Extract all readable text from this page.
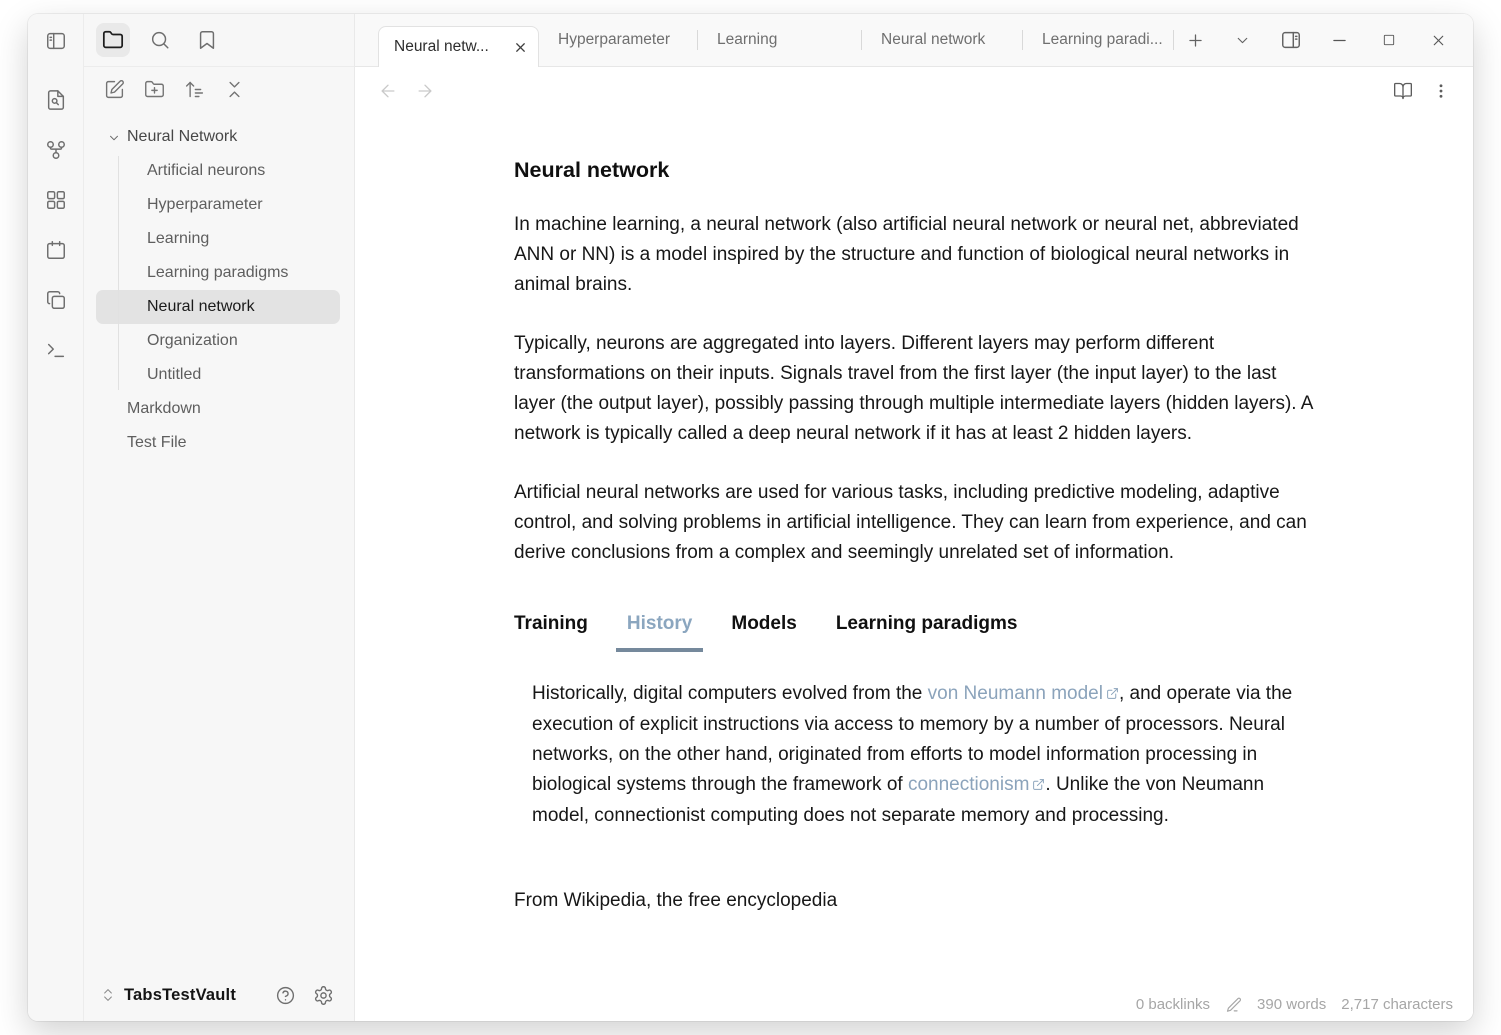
Neural Network
Artificial neurons
Hyperparameter
Learning
Learning paradigms
Neural network
Organization
Untitled
Markdown
Test File
TabsTestVault
Neural netw...	Hyperparameter	Learning	Neural network	Learning paradi...
Neural network

In machine learning, a neural network (also artificial neural network or neural net, abbreviated ANN or NN) is a model inspired by the structure and function of biological neural networks in animal brains.

Typically, neurons are aggregated into layers. Different layers may perform different transformations on their inputs. Signals travel from the first layer (the input layer) to the last layer (the output layer), possibly passing through multiple intermediate layers (hidden layers). A network is typically called a deep neural network if it has at least 2 hidden layers.

Artificial neural networks are used for various tasks, including predictive modeling, adaptive control, and solving problems in artificial intelligence. They can learn from experience, and can derive conclusions from a complex and seemingly unrelated set of information.

Training History Models Learning paradigms
Historically, digital computers evolved from the von Neumann model , and operate via the execution of explicit instructions via access to memory by a number of processors. Neural networks, on the other hand, originated from efforts to model information processing in biological systems through the framework of connectionism . Unlike the von Neumann model, connectionist computing does not separate memory and processing.
From Wikipedia, the free encyclopedia
0 backlinks	390 words 2,717 characters
